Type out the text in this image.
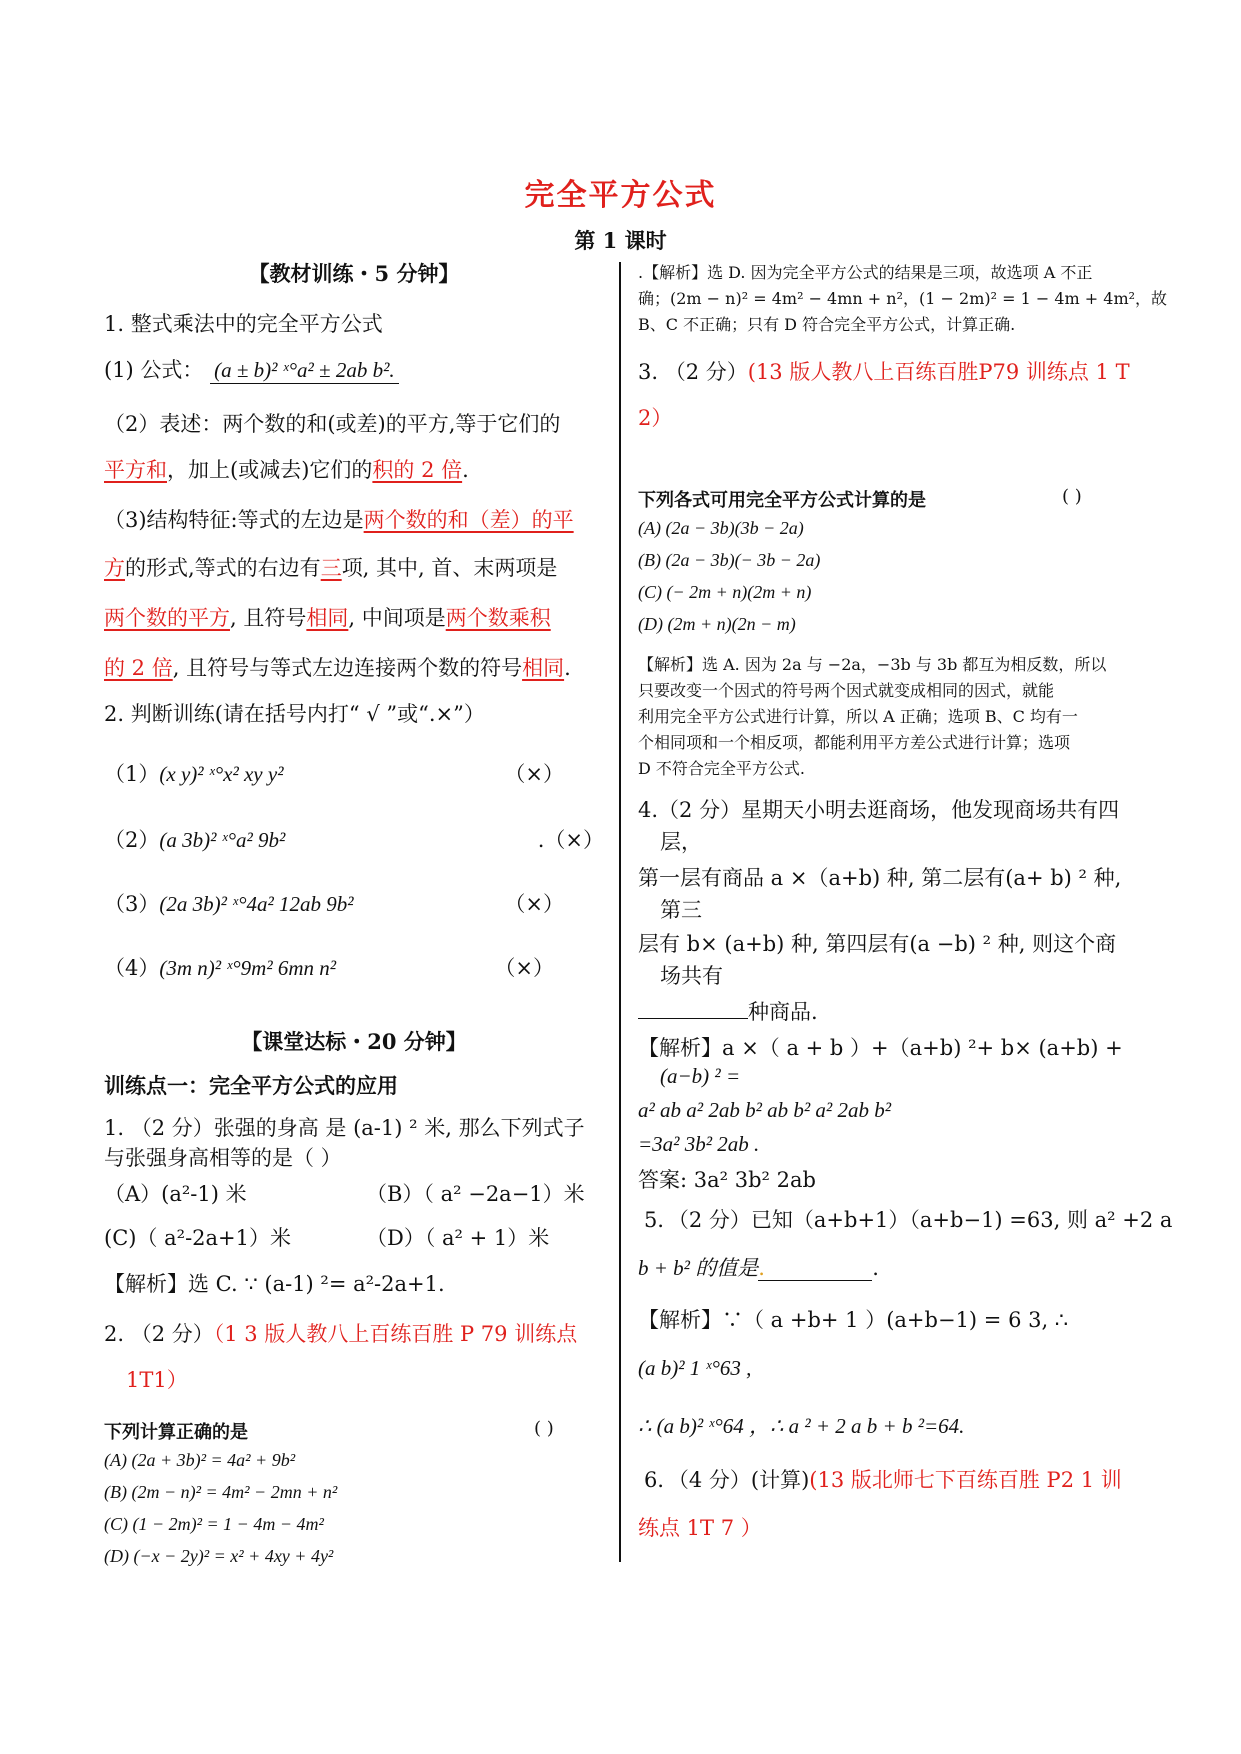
完全平方公式
第 1 课时
【教材训练・5 分钟】
1. 整式乘法中的完全平方公式
(1) 公式： (a ± b)² ˣ°a² ± 2ab b².
（2）表述：两个数的和(或差)的平方,等于它们的
平方和，加上(或减去)它们的积的 2 倍.
（3)结构特征:等式的左边是两个数的和（差）的平
方的形式,等式的右边有三项, 其中, 首、末两项是
两个数的平方, 且符号相同, 中间项是两个数乘积
的 2 倍, 且符号与等式左边连接两个数的符号相同.
2. 判断训练(请在括号内打“ √ ”或“.×”）
（1）(x y)² ˣ°x² xy y²	（×）
（2）(a 3b)² ˣ°a² 9b²	.（×）
（3）(2a 3b)² ˣ°4a² 12ab 9b²	（×）
（4）(3m n)² ˣ°9m² 6mn n²	（×）
【课堂达标・20 分钟】
训练点一：完全平方公式的应用
1. （2 分）张强的身高 是 (a-1) ² 米, 那么下列式子
与张强身高相等的是（ ）
（A）(a²-1) 米	（B）（ a² −2a−1）米
(C)（ a²-2a+1）米	（D）（ a² + 1）米
【解析】选 C. ∵ (a-1) ²= a²-2a+1.
2. （2 分）（1 3 版人教八上百练百胜 P 79 训练点
1T1）
下列计算正确的是	( )
(A) (2a + 3b)² = 4a² + 9b²
(B) (2m − n)² = 4m² − 2mn + n²
(C) (1 − 2m)² = 1 − 4m − 4m²
(D) (−x − 2y)² = x² + 4xy + 4y²
.【解析】选 D. 因为完全平方公式的结果是三项，故选项 A 不正
确；(2m − n)² = 4m² − 4mn + n²，(1 − 2m)² = 1 − 4m + 4m²，故
B、C 不正确；只有 D 符合完全平方公式，计算正确.
3. （2 分）(13 版人教八上百练百胜P79 训练点 1 T
2）
下列各式可用完全平方公式计算的是	( )
(A) (2a − 3b)(3b − 2a)
(B) (2a − 3b)(− 3b − 2a)
(C) (− 2m + n)(2m + n)
(D) (2m + n)(2n − m)
【解析】选 A. 因为 2a 与 −2a，−3b 与 3b 都互为相反数，所以
只要改变一个因式的符号两个因式就变成相同的因式，就能
利用完全平方公式进行计算，所以 A 正确；选项 B、C 均有一
个相同项和一个相反项，都能利用平方差公式进行计算；选项
D 不符合完全平方公式.
4.（2 分）星期天小明去逛商场，他发现商场共有四
层，
第一层有商品 a ×（a+b) 种, 第二层有(a+ b) ² 种,
第三
层有 b× (a+b) 种, 第四层有(a −b) ² 种, 则这个商
场共有
种商品.
【解析】a ×（ a + b ）+（a+b) ²+ b× (a+b) +
(a−b) ² =
a² ab a² 2ab b² ab b² a² 2ab b²
=3a² 3b² 2ab .
答案: 3a² 3b² 2ab
5．（2 分）已知（a+b+1）（a+b−1) =63, 则 a² +2 a
b + b² 的值是.	.
【解析】∵（ a +b+ 1 ）(a+b−1) = 6 3, ∴
(a b)² 1 ˣ°63 ,
∴ (a b)² ˣ°64 ，∴ a ² + 2 a b + b ²=64.
6．（4 分）(计算)(13 版北师七下百练百胜 P2 1 训
练点 1T 7 ）
